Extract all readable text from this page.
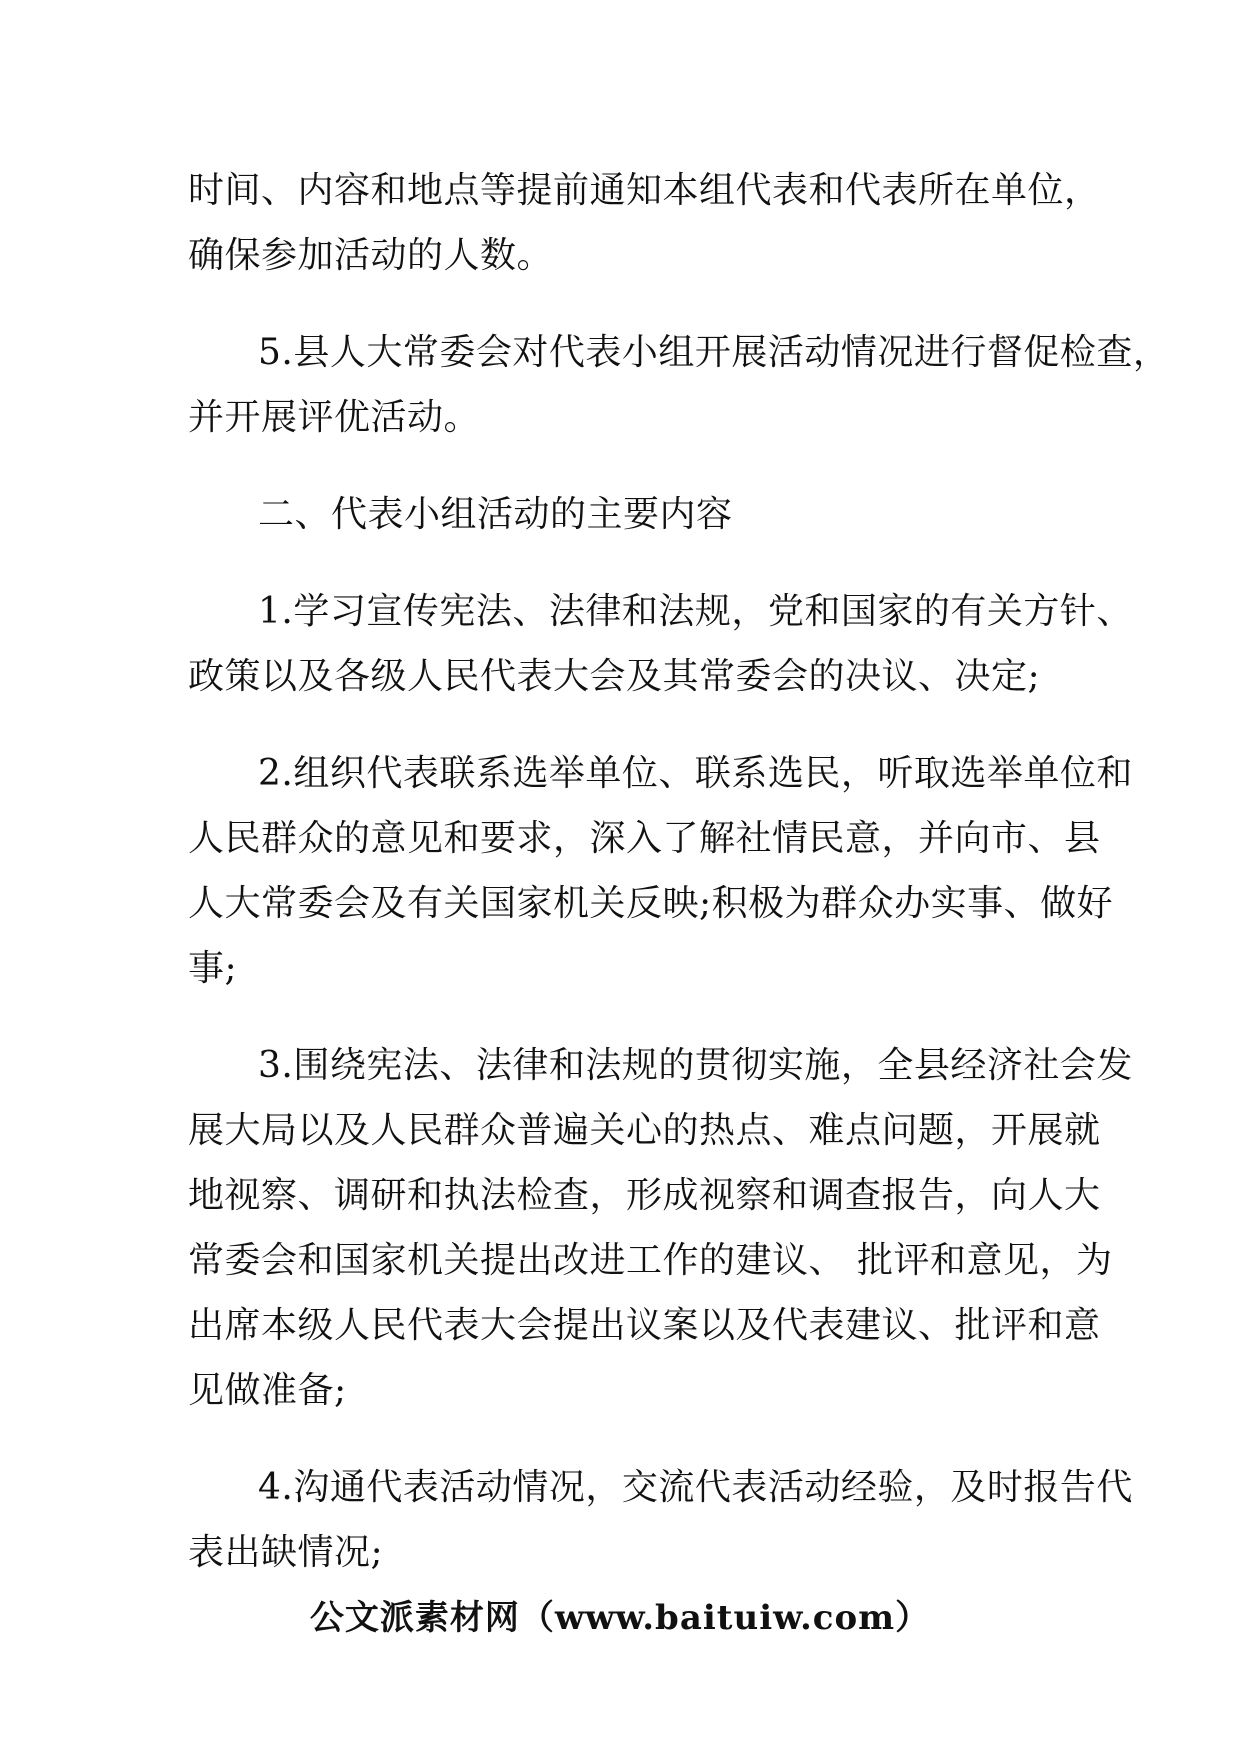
时间、内容和地点等提前通知本组代表和代表所在单位，
确保参加活动的人数。

5.县人大常委会对代表小组开展活动情况进行督促检查，
并开展评优活动。

二、代表小组活动的主要内容

1.学习宣传宪法、法律和法规，党和国家的有关方针、
政策以及各级人民代表大会及其常委会的决议、决定;

2.组织代表联系选举单位、联系选民，听取选举单位和
人民群众的意见和要求，深入了解社情民意，并向市、县
人大常委会及有关国家机关反映;积极为群众办实事、做好
事;

3.围绕宪法、法律和法规的贯彻实施，全县经济社会发
展大局以及人民群众普遍关心的热点、难点问题，开展就
地视察、调研和执法检查，形成视察和调查报告，向人大
常委会和国家机关提出改进工作的建议、 批评和意见，为
出席本级人民代表大会提出议案以及代表建议、批评和意
见做准备;

4.沟通代表活动情况，交流代表活动经验，及时报告代
表出缺情况;

公文派素材网（www.baituiw.com）
